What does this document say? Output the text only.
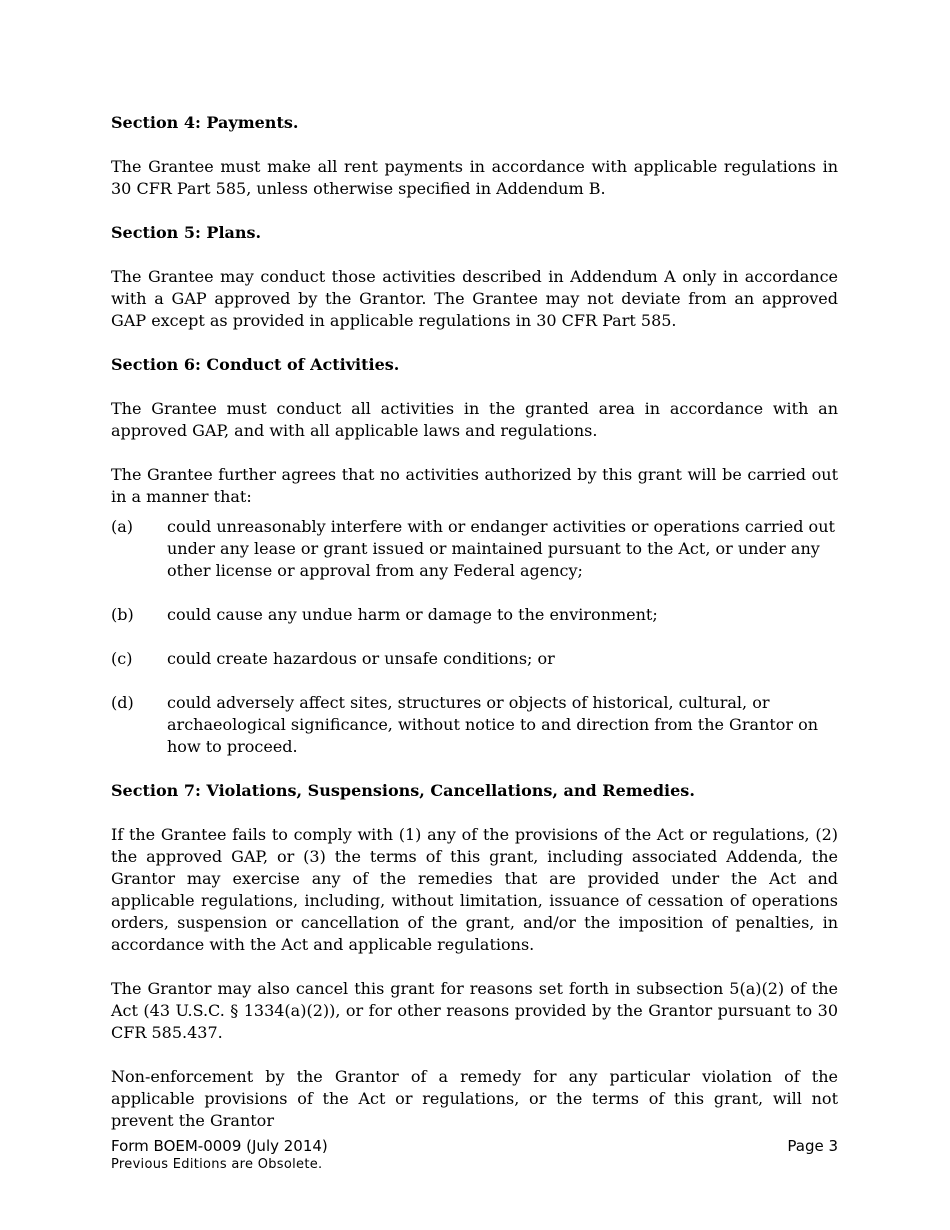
Section 4: Payments.

The Grantee must make all rent payments in accordance with applicable regulations in 30 CFR Part 585, unless otherwise specified in Addendum B.

Section 5: Plans.

The Grantee may conduct those activities described in Addendum A only in accordance with a GAP approved by the Grantor. The Grantee may not deviate from an approved GAP except as provided in applicable regulations in 30 CFR Part 585.

Section 6: Conduct of Activities.

The Grantee must conduct all activities in the granted area in accordance with an approved GAP, and with all applicable laws and regulations.

The Grantee further agrees that no activities authorized by this grant will be carried out in a manner that:

(a)	could unreasonably interfere with or endanger activities or operations carried out under any lease or grant issued or maintained pursuant to the Act, or under any other license or approval from any Federal agency;
(b)	could cause any undue harm or damage to the environment;
(c)	could create hazardous or unsafe conditions; or
(d)	could adversely affect sites, structures or objects of historical, cultural, or archaeological significance, without notice to and direction from the Grantor on how to proceed.
Section 7: Violations, Suspensions, Cancellations, and Remedies.

If the Grantee fails to comply with (1) any of the provisions of the Act or regulations, (2) the approved GAP, or (3) the terms of this grant, including associated Addenda, the Grantor may exercise any of the remedies that are provided under the Act and applicable regulations, including, without limitation, issuance of cessation of operations orders, suspension or cancellation of the grant, and/or the imposition of penalties, in accordance with the Act and applicable regulations.

The Grantor may also cancel this grant for reasons set forth in subsection 5(a)(2) of the Act (43 U.S.C. § 1334(a)(2)), or for other reasons provided by the Grantor pursuant to 30 CFR 585.437.

Non-enforcement by the Grantor of a remedy for any particular violation of the applicable provisions of the Act or regulations, or the terms of this grant, will not prevent the Grantor

Form BOEM-0009 (July 2014)	Page 3
Previous Editions are Obsolete.
